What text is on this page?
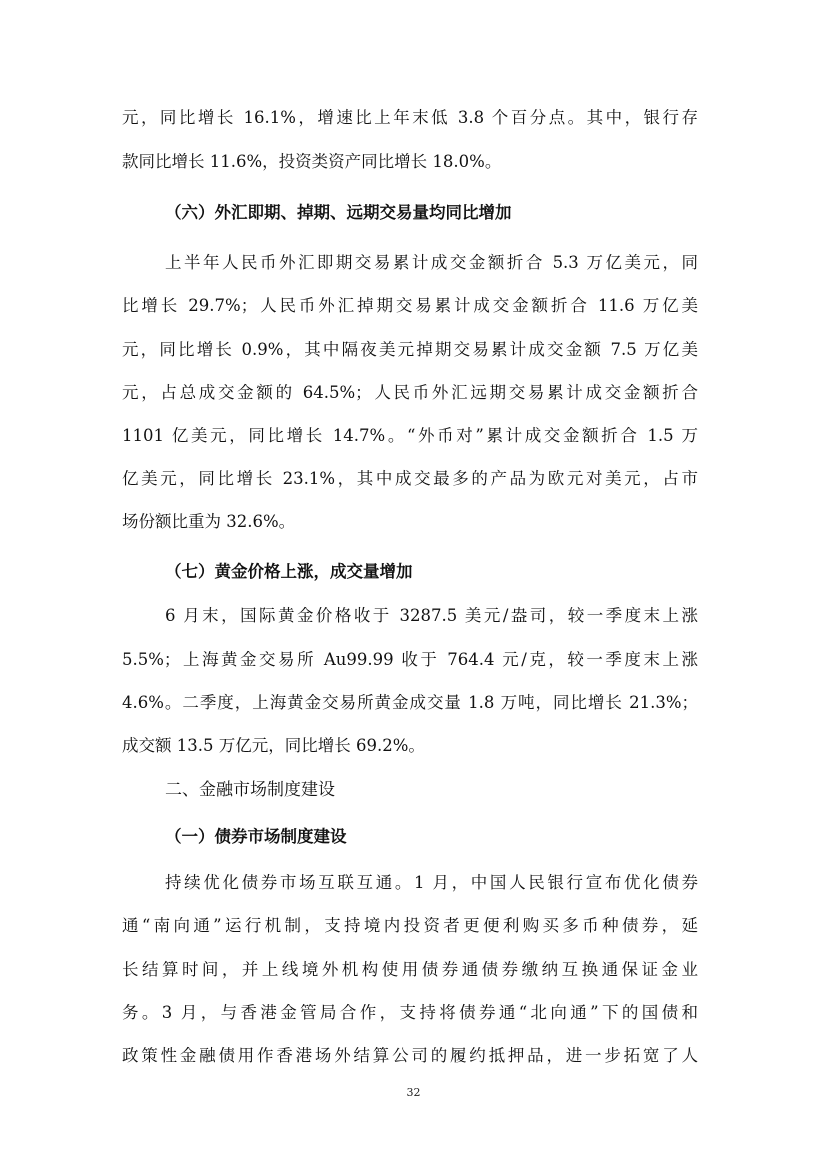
元，同比增长 16.1%，增速比上年末低 3.8 个百分点。其中，银行存
款同比增长 11.6%，投资类资产同比增长 18.0%。
（六）外汇即期、掉期、远期交易量均同比增加
上半年人民币外汇即期交易累计成交金额折合 5.3 万亿美元，同
比增长 29.7%；人民币外汇掉期交易累计成交金额折合 11.6 万亿美
元，同比增长 0.9%，其中隔夜美元掉期交易累计成交金额 7.5 万亿美
元，占总成交金额的 64.5%；人民币外汇远期交易累计成交金额折合
1101 亿美元，同比增长 14.7%。“外币对”累计成交金额折合 1.5 万
亿美元，同比增长 23.1%，其中成交最多的产品为欧元对美元，占市
场份额比重为 32.6%。
（七）黄金价格上涨，成交量增加
6 月末，国际黄金价格收于 3287.5 美元/盎司，较一季度末上涨
5.5%；上海黄金交易所 Au99.99 收于 764.4 元/克，较一季度末上涨
4.6%。二季度，上海黄金交易所黄金成交量 1.8 万吨，同比增长 21.3%；
成交额 13.5 万亿元，同比增长 69.2%。
二、金融市场制度建设
（一）债券市场制度建设
持续优化债券市场互联互通。1 月，中国人民银行宣布优化债券
通“南向通”运行机制，支持境内投资者更便利购买多币种债券，延
长结算时间，并上线境外机构使用债券通债券缴纳互换通保证金业
务。3 月，与香港金管局合作，支持将债券通“北向通”下的国债和
政策性金融债用作香港场外结算公司的履约抵押品，进一步拓宽了人
32
